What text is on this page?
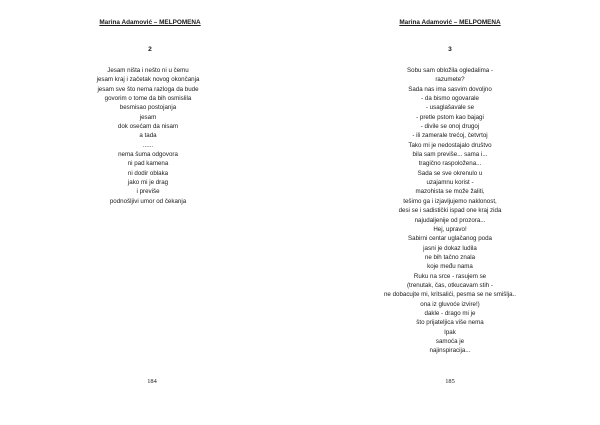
Marina Adamović – MELPOMENA
2
Jesam ništa i nešto ni u čemu
jesam kraj i začetak novog okončanja
jesam sve što nema razloga da bude
govorim o tome da bih osmislila
besmisao postojanja
jesam
dok osećam da nisam
a tada
......
nema šuma odgovora
ni pad kamena
ni dodir oblaka
jako mi je drag
i previše
podnošljivi umor od čekanja
184
Marina Adamović – MELPOMENA
3
Sobu sam obložila ogledalima -
razumete?
Sada nas ima sasvim dovoljno
- da bismo ogovarale
- usaglašavale se
- pretle pstom kao bajagi
- divile se onoj drugoj
- ili zamerale trećoj, četvrtoj
Tako mi je nedostajalo društvo
bila sam previše... sama i...
tragično raspoložena...
Sada se sve okrenulo u
uzajamnu korist -
mazohista se može žaliti,
tešimo ga i izjavljujemo naklonost,
desi se i sadistički ispad one kraj zida
najudaljenije od prozora...
Hej, upravo!
Sabirni centar uglačanog poda
jasni je dokaz ludila
ne bih tačno znala
koje među nama
Ruku na srce - rasujem se
(trenutak, čas, otkucavam stih -
ne dobacujte mi, kritsalići, pesma se ne smišlja..
ona iz gluvoće izvire!)
dakle - drago mi je
što prijateljica više nema
Ipak
samoća je
najinspiracija...
185
